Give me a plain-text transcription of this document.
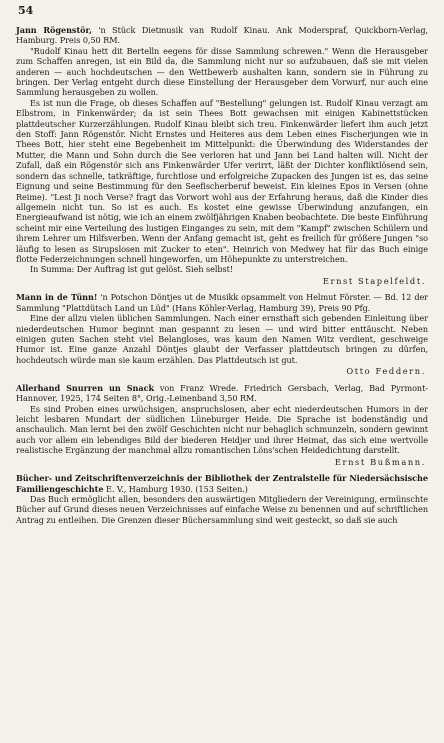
54

Jann Rögenstör, 'n Stück Dietmusik van Rudolf Kinau. Ank Moderspraf, Quickborn-Verlag, Hamburg. Preis 0,50 RM.

"Rudolf Kinau hett dit Bertelln eegens för disse Sammlung schrewen." Wenn die Herausgeber zum Schaffen anregen, ist ein Bild da, die Sammlung nicht nur so aufzubauen, daß sie mit vielen anderen — auch hochdeutschen — den Wettbewerb aushalten kann, sondern sie in Führung zu bringen. Der Verlag entgeht durch diese Einstellung der Herausgeber dem Vorwurf, nur auch eine Sammlung herausgeben zu wollen.

Es ist nun die Frage, ob dieses Schaffen auf "Bestellung" gelungen ist. Rudolf Kinau verzagt am Elbstrom, in Finkenwärder; da ist sein Thees Bott gewachsen mit einigen Kabinettstücken plattdeutscher Kurzerzählungen. Rudolf Kinau bleibt sich treu. Finkenwärder liefert ihm auch jetzt den Stoff: Jann Rögenstör. Nicht Ernstes und Heiteres aus dem Leben eines Fischerjungen wie in Thees Bott, hier steht eine Begebenheit im Mittelpunkt: die Überwindung des Widerstandes der Mutter, die Mann und Sohn durch die See verloren hat und Jann bei Land halten will. Nicht der Zufall, daß ein Rögenstör sich ans Finkenwärder Ufer verirrt, läßt der Dichter konfliktlösend sein, sondern das schnelle, tatkräftige, furchtlose und erfolgreiche Zupacken des Jungen ist es, das seine Eignung und seine Bestimmung für den Seefischerberuf beweist. Ein kleines Epos in Versen (ohne Reime). "Lest Ji noch Verse? fragt das Vorwort wohl aus der Erfahrung heraus, daß die Kinder dies allgemein nicht tun. So ist es auch. Es kostet eine gewisse Überwindung anzufangen, ein Energieaufwand ist nötig, wie ich an einem zwölfjährigen Knaben beobachtete. Die beste Einführung scheint mir eine Verteilung des lustigen Einganges zu sein, mit dem "Kampf" zwischen Schülern und ihrem Lehrer um Hilfsverben. Wenn der Anfang gemacht ist, geht es freilich für größere Jungen "so läufig to lesen as Sirupslosen mit Zucker to eten". Heinrich von Medwey hat für das Buch einige flotte Federzeichnungen schnell hingeworfen, um Höhepunkte zu unterstreichen.

In Summa: Der Auftrag ist gut gelöst. Sieh selbst!

Ernst Stapelfeldt.

Mann in de Tünn! 'n Potschon Döntjes ut de Musikk opsammelt von Helmut Förster. — Bd. 12 der Sammlung "Plattdütsch Land un Lüd" (Hans Köhler-Verlag, Hamburg 39), Preis 90 Pfg.

Eine der allzu vielen üblichen Sammlungen. Nach einer ernsthaft sich gebenden Einleitung über niederdeutschen Humor beginnt man gespannt zu lesen — und wird bitter enttäuscht. Neben einigen guten Sachen steht viel Belangloses, was kaum den Namen Witz verdient, geschweige Humor ist. Eine ganze Anzahl Döntjes glaubt der Verfasser plattdeutsch bringen zu dürfen, hochdeutsch würde man sie kaum erzählen. Das Plattdeutsch ist gut.

Otto Feddern.

Allerhand Snurren un Snack von Franz Wrede. Friedrich Gersbach, Verlag, Bad Pyrmont-Hannover, 1925, 174 Seiten 8°, Orig.-Leinenband 3,50 RM.

Es sind Proben eines urwüchsigen, anspruchslosen, aber echt niederdeutschen Humors in der leicht lesbaren Mundart der südlichen Lüneburger Heide. Die Sprache ist bodenständig und anschaulich. Man lernt bei den zwölf Geschichten nicht nur behaglich schmunzeln, sondern gewinnt auch vor allem ein lebendiges Bild der biederen Heidjer und ihrer Heimat, das sich eine wertvolle realistische Ergänzung der manchmal allzu romantischen Löns'schen Heidedichtung darstellt.

Ernst Bußmann.

Bücher- und Zeitschriftenverzeichnis der Bibliothek der Zentralstelle für Niedersächsische Familiengeschichte E. V., Hamburg 1930. (153 Seiten.)

Das Buch ermöglicht allen, besonders den auswärtigen Mitgliedern der Vereinigung, ermünschte Bücher auf Grund dieses neuen Verzeichnisses auf einfache Weise zu benennen und auf schriftlichen Antrag zu entleihen. Die Grenzen dieser Büchersammlung sind weit gesteckt, so daß sie auch
